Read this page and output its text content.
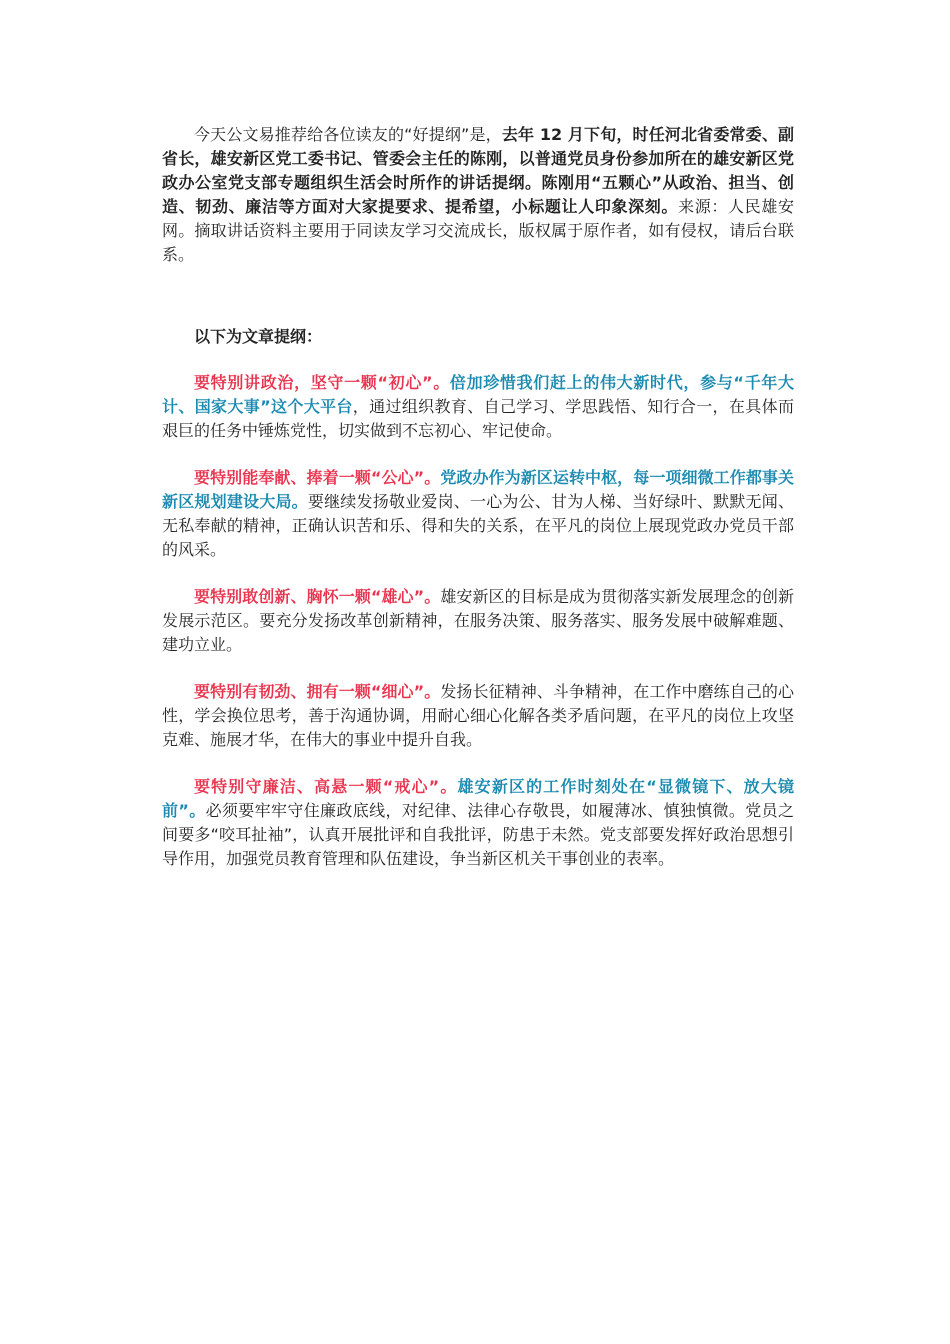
今天公文易推荐给各位读友的“好提纲”是，去年 12 月下旬，时任河北省委常委、副省长，雄安新区党工委书记、管委会主任的陈刚，以普通党员身份参加所在的雄安新区党政办公室党支部专题组织生活会时所作的讲话提纲。陈刚用“五颗心”从政治、担当、创造、韧劲、廉洁等方面对大家提要求、提希望，小标题让人印象深刻。来源：人民雄安网。摘取讲话资料主要用于同读友学习交流成长，版权属于原作者，如有侵权，请后台联系。

以下为文章提纲：

要特别讲政治，坚守一颗“初心”。倍加珍惜我们赶上的伟大新时代，参与“千年大计、国家大事”这个大平台，通过组织教育、自己学习、学思践悟、知行合一，在具体而艰巨的任务中锤炼党性，切实做到不忘初心、牢记使命。

要特别能奉献、捧着一颗“公心”。党政办作为新区运转中枢，每一项细微工作都事关新区规划建设大局。要继续发扬敬业爱岗、一心为公、甘为人梯、当好绿叶、默默无闻、无私奉献的精神，正确认识苦和乐、得和失的关系，在平凡的岗位上展现党政办党员干部的风采。

要特别敢创新、胸怀一颗“雄心”。雄安新区的目标是成为贯彻落实新发展理念的创新发展示范区。要充分发扬改革创新精神，在服务决策、服务落实、服务发展中破解难题、建功立业。

要特别有韧劲、拥有一颗“细心”。发扬长征精神、斗争精神，在工作中磨练自己的心性，学会换位思考，善于沟通协调，用耐心细心化解各类矛盾问题，在平凡的岗位上攻坚克难、施展才华，在伟大的事业中提升自我。

要特别守廉洁、高悬一颗“戒心”。雄安新区的工作时刻处在“显微镜下、放大镜前”。必须要牢牢守住廉政底线，对纪律、法律心存敬畏，如履薄冰、慎独慎微。党员之间要多“咬耳扯袖”，认真开展批评和自我批评，防患于未然。党支部要发挥好政治思想引导作用，加强党员教育管理和队伍建设，争当新区机关干事创业的表率。
